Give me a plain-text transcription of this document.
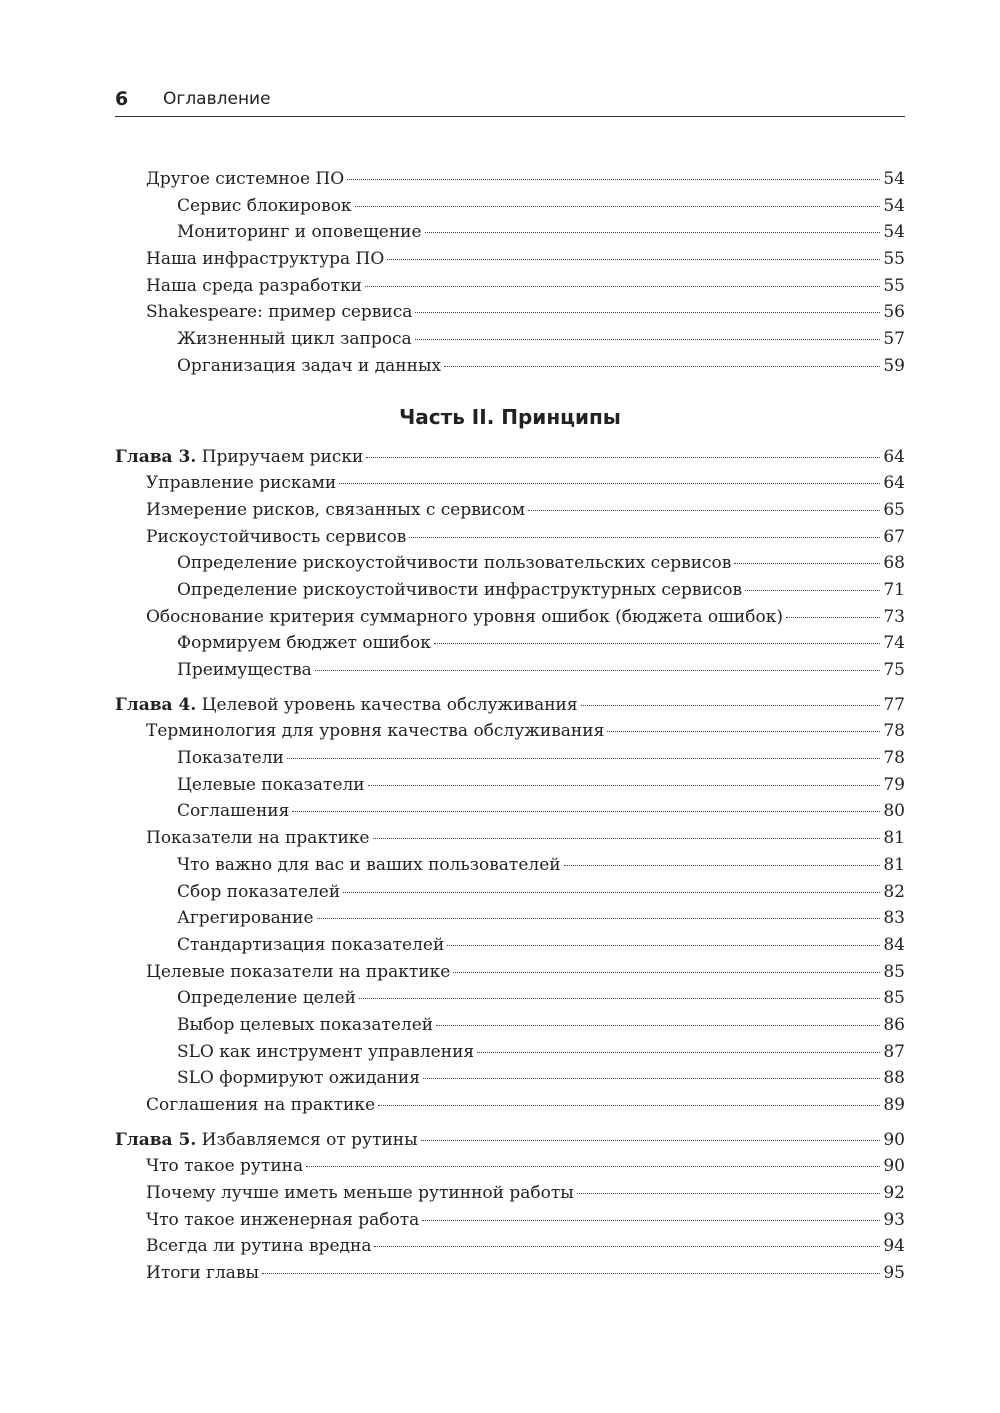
6 Оглавление
Другое системное ПО	54
Сервис блокировок	54
Мониторинг и оповещение	54
Наша инфраструктура ПО	55
Наша среда разработки	55
Shakespeare: пример сервиса	56
Жизненный цикл запроса	57
Организация задач и данных	59
Часть II. Принципы
Глава 3. Приручаем риски	64
Управление рисками	64
Измерение рисков, связанных с сервисом	65
Рискоустойчивость сервисов	67
Определение рискоустойчивости пользовательских сервисов	68
Определение рискоустойчивости инфраструктурных сервисов	71
Обоснование критерия суммарного уровня ошибок (бюджета ошибок)	73
Формируем бюджет ошибок	74
Преимущества	75
Глава 4. Целевой уровень качества обслуживания	77
Терминология для уровня качества обслуживания	78
Показатели	78
Целевые показатели	79
Соглашения	80
Показатели на практике	81
Что важно для вас и ваших пользователей	81
Сбор показателей	82
Агрегирование	83
Стандартизация показателей	84
Целевые показатели на практике	85
Определение целей	85
Выбор целевых показателей	86
SLO как инструмент управления	87
SLO формируют ожидания	88
Соглашения на практике	89
Глава 5. Избавляемся от рутины	90
Что такое рутина	90
Почему лучше иметь меньше рутинной работы	92
Что такое инженерная работа	93
Всегда ли рутина вредна	94
Итоги главы	95
